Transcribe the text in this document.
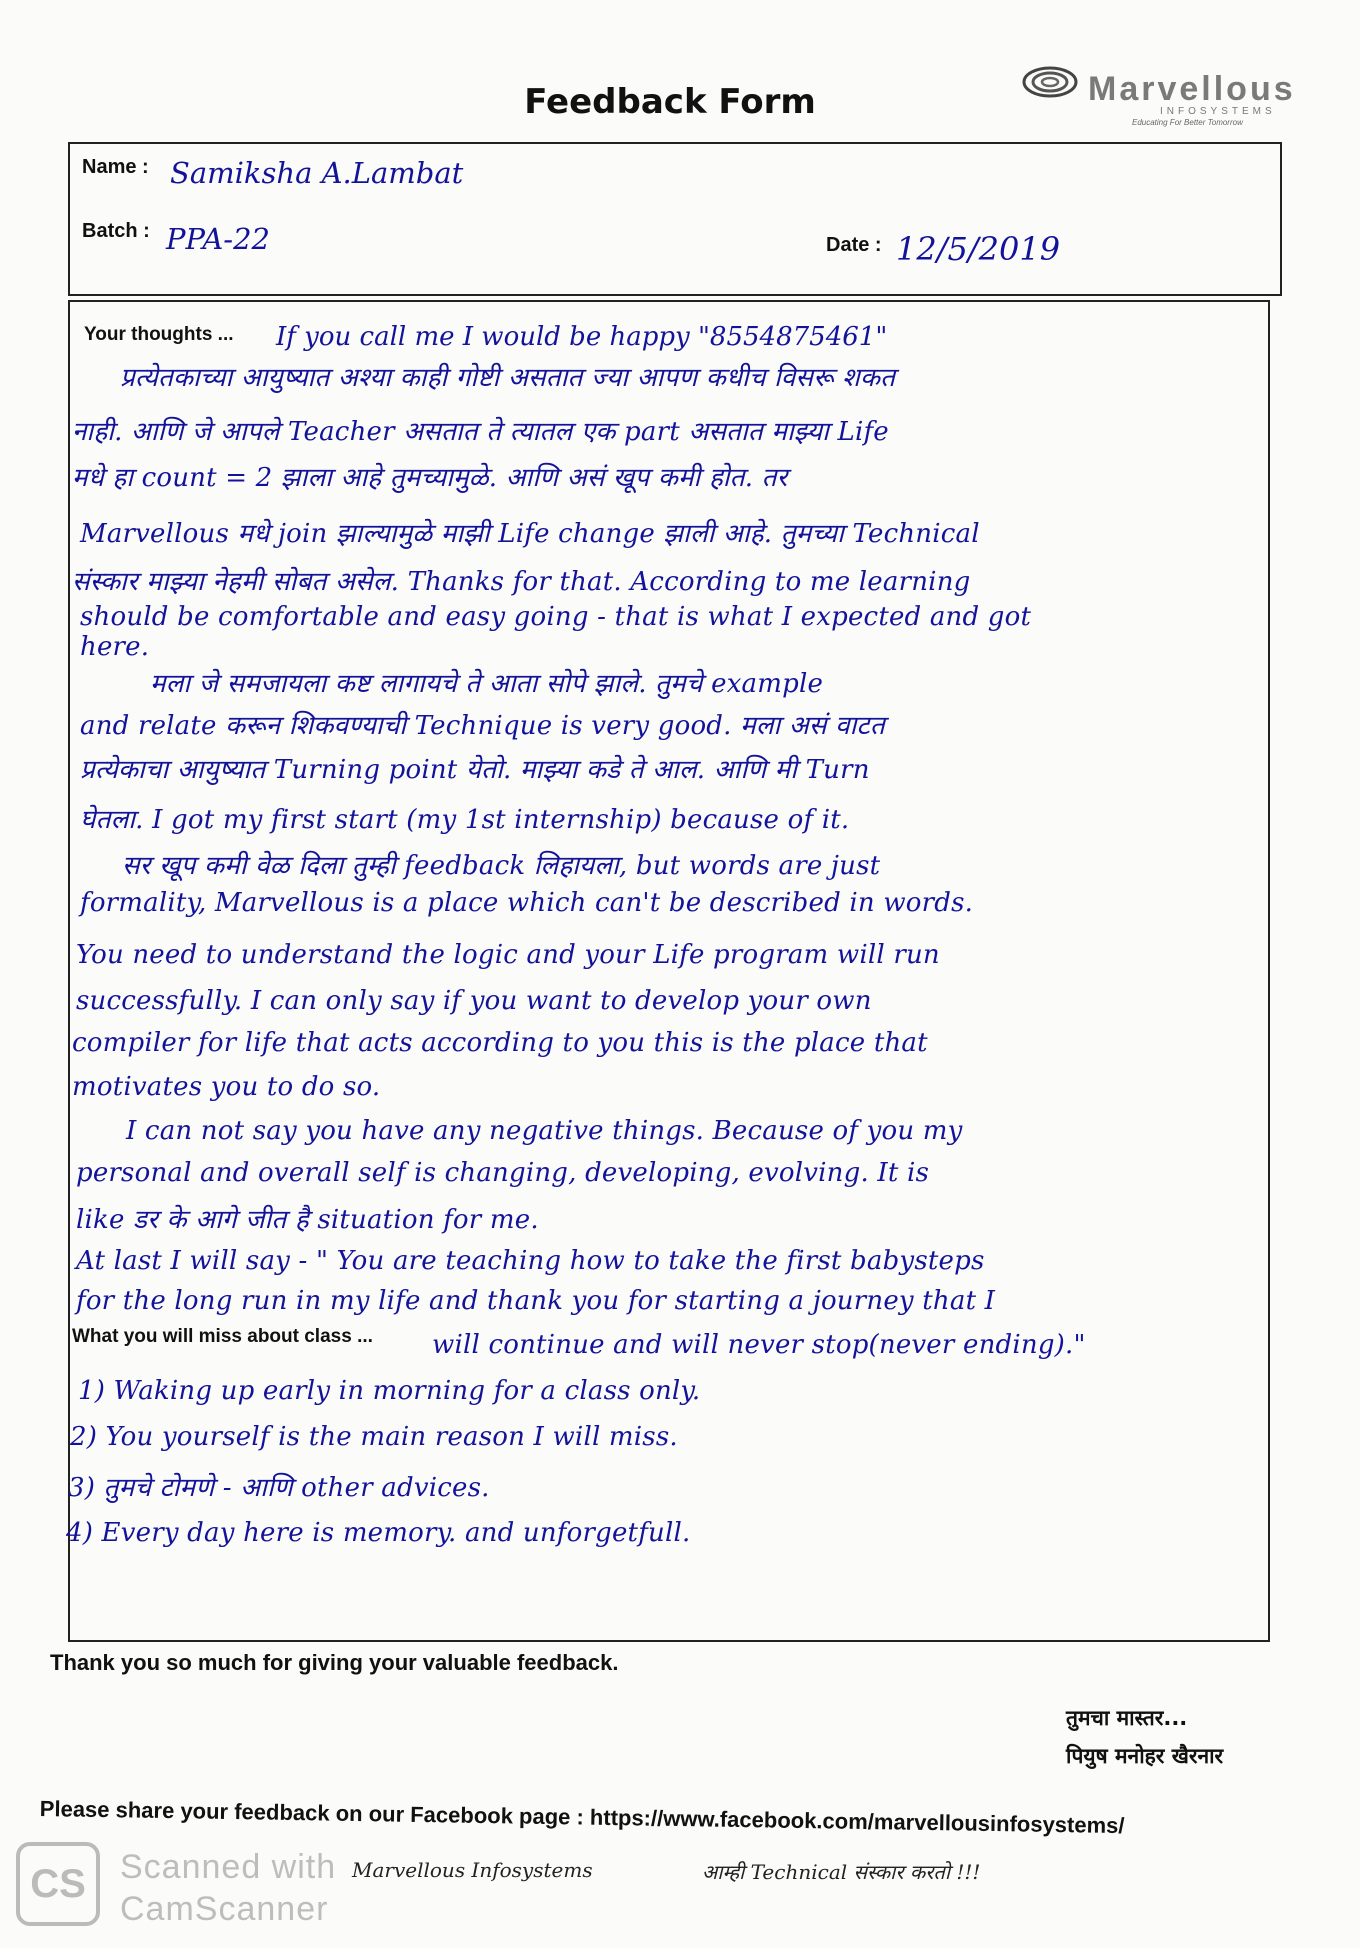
Marvellous
INFOSYSTEMS
Educating For Better Tomorrow
Feedback Form
Name : Samiksha A.Lambat
Batch : PPA-22	Date : 12/5/2019
Your thoughts ... If you call me I would be happy "8554875461"
प्रत्येतकाच्या आयुष्यात अश्या काही गोष्टी असतात ज्या आपण कधीच विसरू शकत
नाही. आणि जे आपले Teacher असतात ते त्यातल एक part असतात माझ्या Life
मधे हा count = 2 झाला आहे तुमच्यामुळे. आणि असं खूप कमी होत. तर
Marvellous मधे join झाल्यामुळे माझी Life change झाली आहे. तुमच्या Technical
संस्कार माझ्या नेहमी सोबत असेल. Thanks for that. According to me learning
should be comfortable and easy going - that is what I expected and got
here.
मला जे समजायला कष्ट लागायचे ते आता सोपे झाले. तुमचे example
and relate करून शिकवण्याची Technique is very good. मला असं वाटत
प्रत्येकाचा आयुष्यात Turning point येतो. माझ्या कडे ते आल. आणि मी Turn
घेतला. I got my first start (my 1st internship) because of it.
सर खूप कमी वेळ दिला तुम्ही feedback लिहायला, but words are just
formality, Marvellous is a place which can't be described in words.
You need to understand the logic and your Life program will run
successfully. I can only say if you want to develop your own
compiler for life that acts according to you this is the place that
motivates you to do so.
I can not say you have any negative things. Because of you my
personal and overall self is changing, developing, evolving. It is
like डर के आगे जीत है situation for me.
At last I will say - " You are teaching how to take the first babysteps
for the long run in my life and thank you for starting a journey that I
will continue and will never stop(never ending)."
What you will miss about class ...
1) Waking up early in morning for a class only.
2) You yourself is the main reason I will miss.
3) तुमचे टोमणे - आणि other advices.
4) Every day here is memory. and unforgetfull.
Thank you so much for giving your valuable feedback.
तुमचा मास्तर...
पियुष मनोहर खैरनार
Please share your feedback on our Facebook page : https://www.facebook.com/marvellousinfosystems/
CS	Scanned with
CamScanner
Marvellous Infosystems	आम्ही Technical संस्कार करतो !!!
